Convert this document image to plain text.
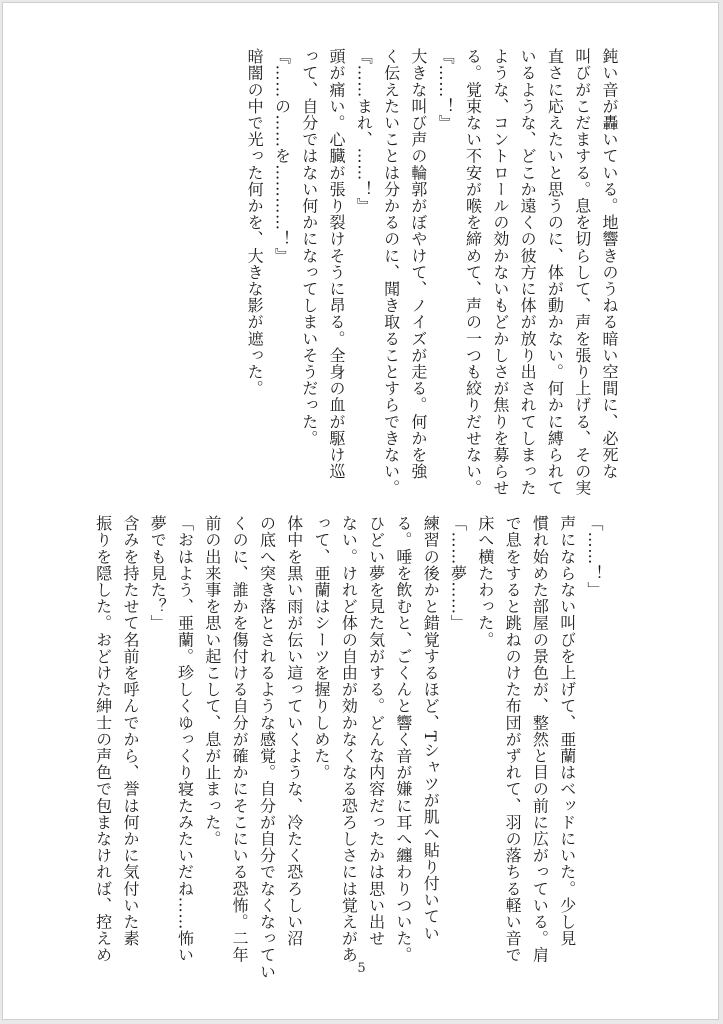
鈍い音が轟いている。地響きのうねる暗い空間に、必死な
叫びがこだまする。息を切らして、声を張り上げる、その実
直さに応えたいと思うのに、体が動かない。何かに縛られて
いるような、どこか遠くの彼方に体が放り出されてしまった
ような、コントロールの効かないもどかしさが焦りを募らせ
る。覚束ない不安が喉を締めて、声の一つも絞りだせない。
『……！』
大きな叫び声の輪郭がぼやけて、ノイズが走る。何かを強
く伝えたいことは分かるのに、聞き取ることすらできない。
『……まれ、……！』
頭が痛い。心臓が張り裂けそうに昂る。全身の血が駆け巡
って、自分ではない何かになってしまいそうだった。
『……の……を…………！』
暗闇の中で光った何かを、大きな影が遮った。
「……！」
声にならない叫びを上げて、亜蘭はベッドにいた。少し見
慣れ始めた部屋の景色が、整然と目の前に広がっている。肩
で息をすると跳ねのけた布団がずれて、羽の落ちる軽い音で
床へ横たわった。
「……夢……」
練習の後かと錯覚するほど、Tシャツが肌へ貼り付いてい
る。唾を飲むと、ごくんと響く音が嫌に耳へ纏わりついた。
ひどい夢を見た気がする。どんな内容だったかは思い出せ
ない。けれど体の自由が効かなくなる恐ろしさには覚えがあ
って、亜蘭はシーツを握りしめた。
体中を黒い雨が伝い這っていくような、冷たく恐ろしい沼
の底へ突き落とされるような感覚。自分が自分でなくなってい
くのに、誰かを傷付ける自分が確かにそこにいる恐怖。二年
前の出来事を思い起こして、息が止まった。
「おはよう、亜蘭。珍しくゆっくり寝たみたいだね……怖い
夢でも見た？」
含みを持たせて名前を呼んでから、誉は何かに気付いた素
振りを隠した。おどけた紳士の声色で包まなければ、控えめ
5
